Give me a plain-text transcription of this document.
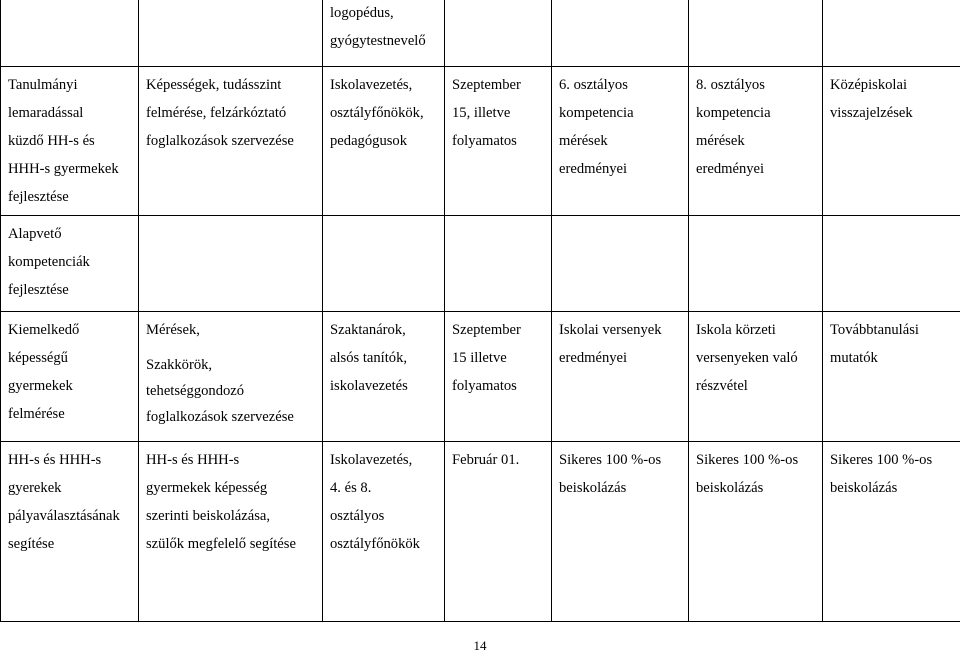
		logopédus,
gyógytestnevelő				

Tanulmányi
lemaradással
küzdő HH-s és
HHH-s gyermekek
fejlesztése	Képességek, tudásszint
felmérése, felzárkóztató
foglalkozások szervezése	Iskolavezetés,
osztályfőnökök,
pedagógusok	Szeptember
15, illetve
folyamatos	6. osztályos
kompetencia
mérések
eredményei	8. osztályos
kompetencia
mérések
eredményei	Középiskolai
visszajelzések

Alapvető
kompetenciák
fejlesztése						

Kiemelkedő
képességű
gyermekek
felmérése	Mérések,
Szakkörök,
tehetséggondozó
foglalkozások szervezése	Szaktanárok,
alsós tanítók,
iskolavezetés	Szeptember
15 illetve
folyamatos	Iskolai versenyek
eredményei	Iskola körzeti
versenyeken való
részvétel	Továbbtanulási
mutatók

HH-s és HHH-s
gyerekek
pályaválasztásának
segítése	HH-s és HHH-s
gyermekek képesség
szerinti beiskolázása,
szülők megfelelő segítése	Iskolavezetés,
4. és 8.
osztályos
osztályfőnökök	Február 01.	Sikeres 100 %-os
beiskolázás	Sikeres 100 %-os
beiskolázás	Sikeres 100 %-os
beiskolázás
14
